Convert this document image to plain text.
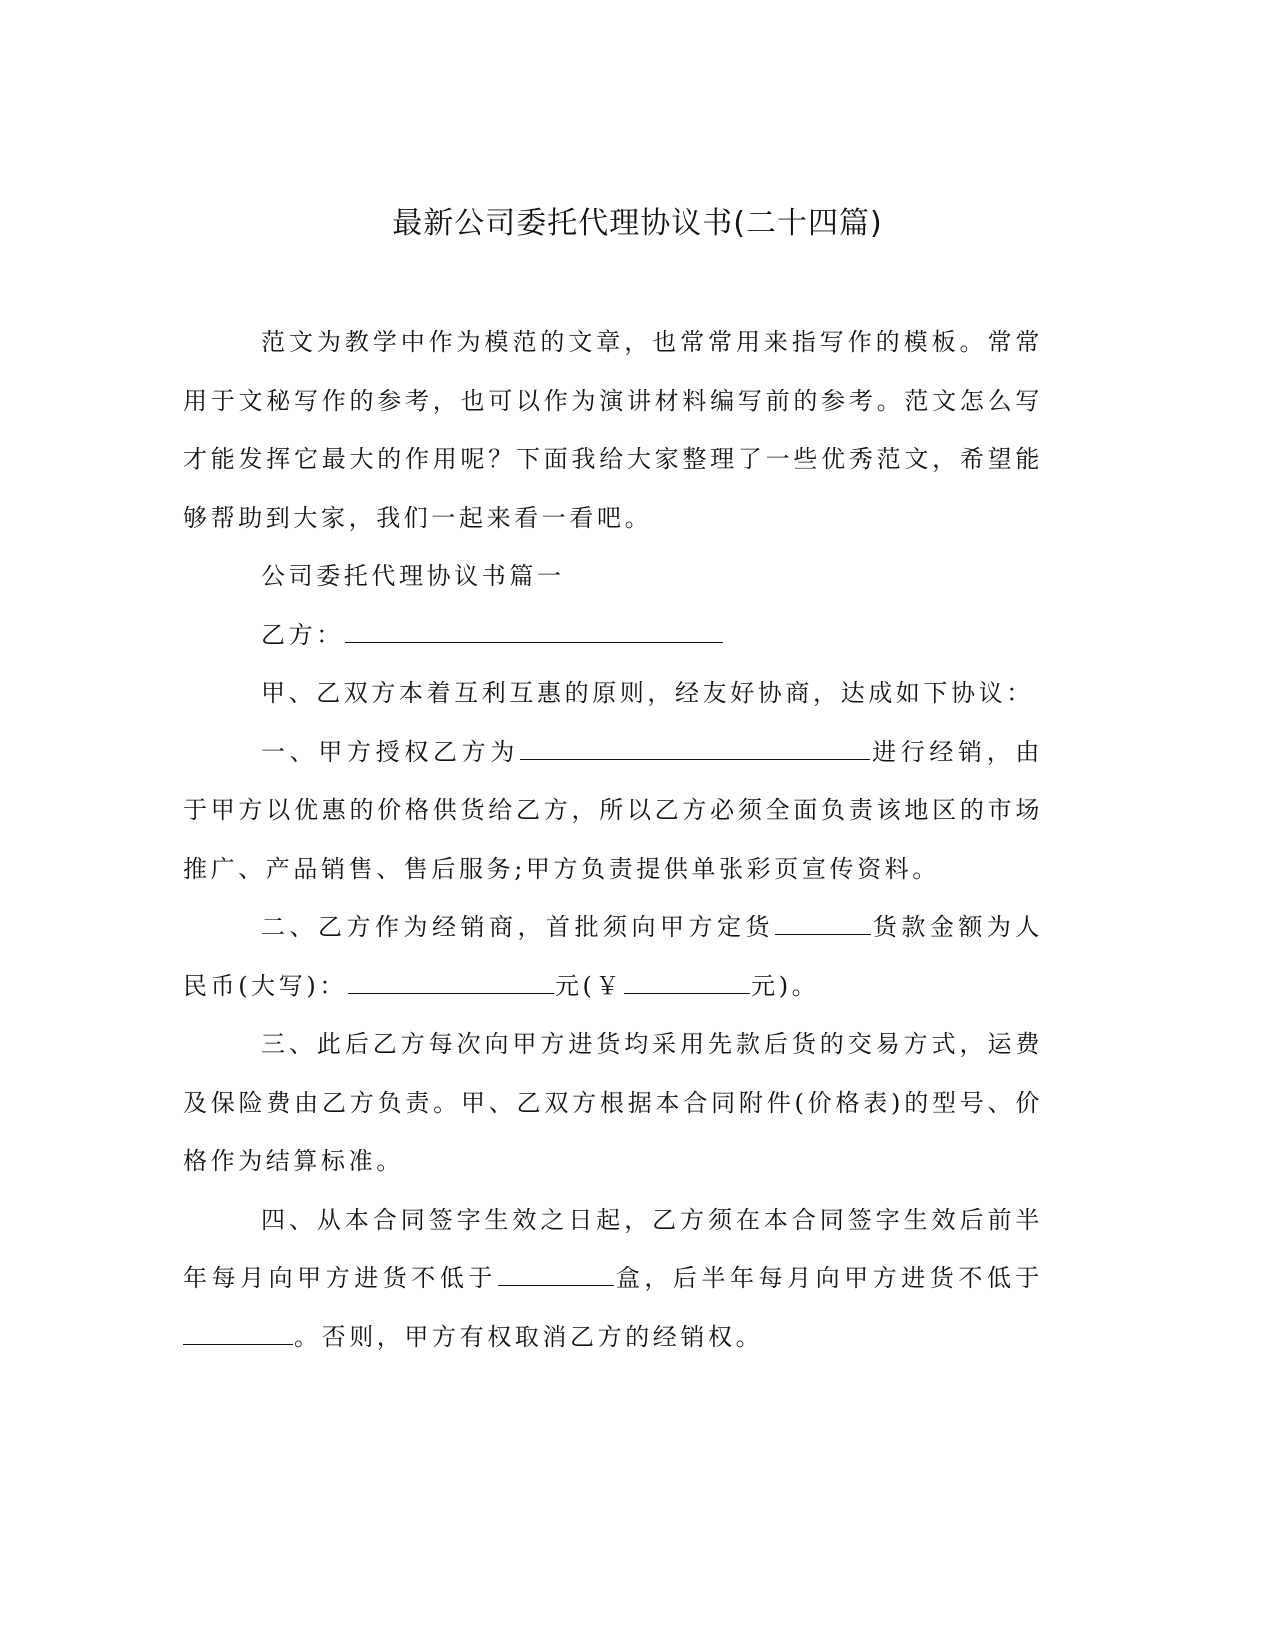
最新公司委托代理协议书(二十四篇)

范文为教学中作为模范的文章，也常常用来指写作的模板。常常用于文秘写作的参考，也可以作为演讲材料编写前的参考。范文怎么写才能发挥它最大的作用呢？下面我给大家整理了一些优秀范文，希望能够帮助到大家，我们一起来看一看吧。

公司委托代理协议书篇一

乙方：

甲、乙双方本着互利互惠的原则，经友好协商，达成如下协议：

一、甲方授权乙方为	进行经销，由于甲方以优惠的价格供货给乙方，所以乙方必须全面负责该地区的市场推广、产品销售、售后服务;甲方负责提供单张彩页宣传资料。

二、乙方作为经销商，首批须向甲方定货	货款金额为人民币(大写)：	元(￥	元)。

三、此后乙方每次向甲方进货均采用先款后货的交易方式，运费及保险费由乙方负责。甲、乙双方根据本合同附件(价格表)的型号、价格作为结算标准。

四、从本合同签字生效之日起，乙方须在本合同签字生效后前半年每月向甲方进货不低于	盒，后半年每月向甲方进货不低于。否则，甲方有权取消乙方的经销权。
